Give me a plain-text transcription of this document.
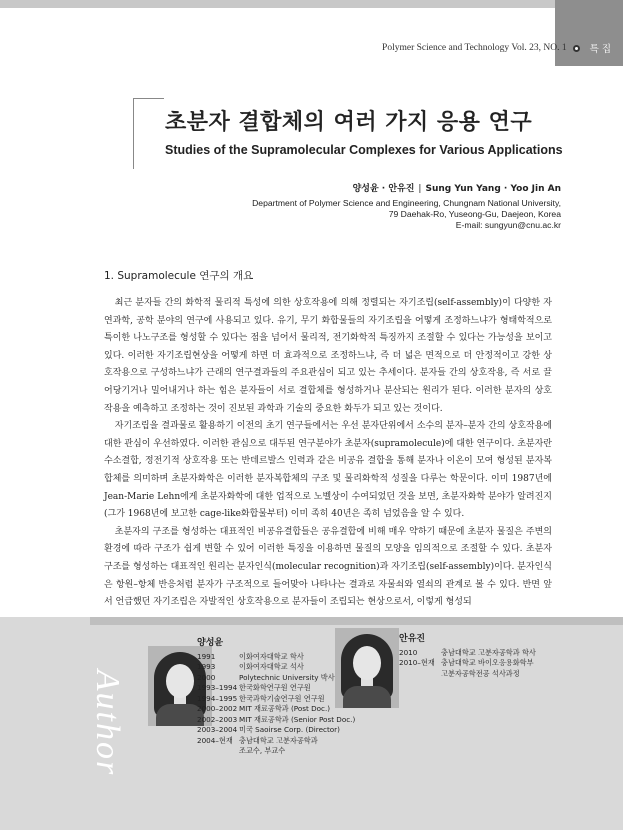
Polymer Science and Technology Vol. 23, NO. 1	특 집
초분자 결합체의 여러 가지 응용 연구
Studies of the Supramolecular Complexes for Various Applications
양성윤 · 안유진 | Sung Yun Yang · Yoo Jin An
Department of Polymer Science and Engineering, Chungnam National University,
79 Daehak-Ro, Yuseong-Gu, Daejeon, Korea
E-mail: sungyun@cnu.ac.kr
1. Supramolecule 연구의 개요

최근 분자들 간의 화학적 물리적 특성에 의한 상호작용에 의해 정렬되는 자기조립(self-assembly)이 다양한 자연과학, 공학 분야의 연구에 사용되고 있다. 유기, 무기 화합물들의 자기조립을 어떻게 조정하느냐가 형태학적으로 특이한 나노구조를 형성할 수 있다는 점을 넘어서 물리적, 전기화학적 특징까지 조절할 수 있다는 가능성을 보이고 있다. 이러한 자기조립현상을 어떻게 하면 더 효과적으로 조정하느냐, 즉 더 넓은 면적으로 더 안정적이고 강한 상호작용으로 구성하느냐가 근래의 연구결과들의 주요관심이 되고 있는 추세이다. 분자들 간의 상호작용, 즉 서로 끌어당기거나 밀어내거나 하는 힘은 분자들이 서로 결합체를 형성하거나 분산되는 원리가 된다. 이러한 분자의 상호작용을 예측하고 조정하는 것이 진보된 과학과 기술의 중요한 화두가 되고 있는 것이다.

자기조립을 결과물로 활용하기 이전의 초기 연구들에서는 우선 분자단위에서 소수의 분자–분자 간의 상호작용에 대한 관심이 우선하였다. 이러한 관심으로 대두된 연구분야가 초분자(supramolecule)에 대한 연구이다. 초분자란 수소결합, 정전기적 상호작용 또는 반데르발스 인력과 같은 비공유 결합을 통해 분자나 이온이 모여 형성된 분자복합체를 의미하며 초분자화학은 이러한 분자복합체의 구조 및 물리화학적 성질을 다루는 학문이다. 이미 1987년에 Jean-Marie Lehn에게 초분자화학에 대한 업적으로 노벨상이 수여되었던 것을 보면, 초분자화학 분야가 알려진지(그가 1968년에 보고한 cage-like화합물부터) 이미 족히 40년은 족히 넘었음을 알 수 있다.

초분자의 구조를 형성하는 대표적인 비공유결합들은 공유결합에 비해 매우 약하기 때문에 초분자 물질은 주변의 환경에 따라 구조가 쉽게 변할 수 있어 이러한 특징을 이용하면 물질의 모양을 임의적으로 조절할 수 있다. 초분자 구조를 형성하는 대표적인 원리는 분자인식(molecular recognition)과 자기조립(self-assembly)이다. 분자인식은 항원–항체 반응처럼 분자가 구조적으로 들어맞아 나타나는 결과로 자물쇠와 열쇠의 관계로 볼 수 있다. 반면 앞서 언급했던 자기조립은 자발적인 상호작용으로 분자들이 조립되는 현상으로서, 이렇게 형성되

Author
양성윤
1991	이화여자대학교 학사
1993	이화여자대학교 석사
2000	Polytechnic University 박사
1993–1994	한국화학연구원 연구원
1994–1995	한국과학기술연구원 연구원
2000–2002	MIT 재료공학과 (Post Doc.)
2002–2003	MIT 재료공학과 (Senior Post Doc.)
2003–2004	미국 Saoirse Corp. (Director)
2004–현재	충남대학교 고분자공학과
	조교수, 부교수
안유진
2010	충남대학교 고분자공학과 학사
2010–현재	충남대학교 바이오응용화학부
	고분자공학전공 석사과정
